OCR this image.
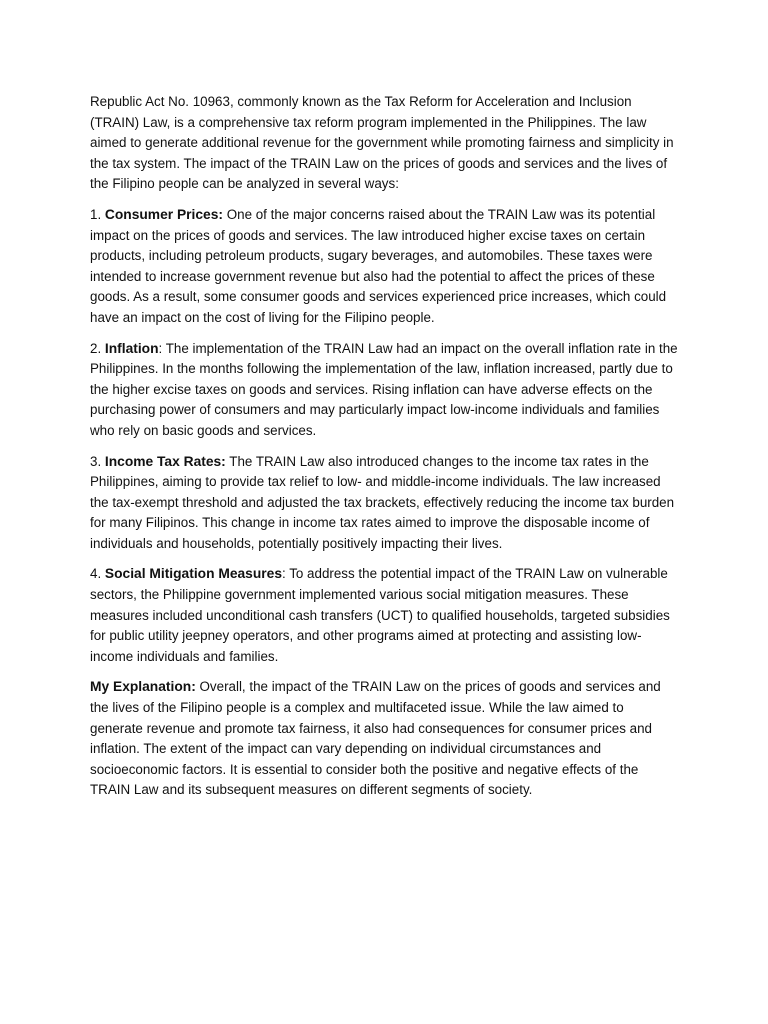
Republic Act No. 10963, commonly known as the Tax Reform for Acceleration and Inclusion (TRAIN) Law, is a comprehensive tax reform program implemented in the Philippines. The law aimed to generate additional revenue for the government while promoting fairness and simplicity in the tax system. The impact of the TRAIN Law on the prices of goods and services and the lives of the Filipino people can be analyzed in several ways:

1. Consumer Prices: One of the major concerns raised about the TRAIN Law was its potential impact on the prices of goods and services. The law introduced higher excise taxes on certain products, including petroleum products, sugary beverages, and automobiles. These taxes were intended to increase government revenue but also had the potential to affect the prices of these goods. As a result, some consumer goods and services experienced price increases, which could have an impact on the cost of living for the Filipino people.

2. Inflation: The implementation of the TRAIN Law had an impact on the overall inflation rate in the Philippines. In the months following the implementation of the law, inflation increased, partly due to the higher excise taxes on goods and services. Rising inflation can have adverse effects on the purchasing power of consumers and may particularly impact low-income individuals and families who rely on basic goods and services.

3. Income Tax Rates: The TRAIN Law also introduced changes to the income tax rates in the Philippines, aiming to provide tax relief to low- and middle-income individuals. The law increased the tax-exempt threshold and adjusted the tax brackets, effectively reducing the income tax burden for many Filipinos. This change in income tax rates aimed to improve the disposable income of individuals and households, potentially positively impacting their lives.

4. Social Mitigation Measures: To address the potential impact of the TRAIN Law on vulnerable sectors, the Philippine government implemented various social mitigation measures. These measures included unconditional cash transfers (UCT) to qualified households, targeted subsidies for public utility jeepney operators, and other programs aimed at protecting and assisting low-income individuals and families.

My Explanation: Overall, the impact of the TRAIN Law on the prices of goods and services and the lives of the Filipino people is a complex and multifaceted issue. While the law aimed to generate revenue and promote tax fairness, it also had consequences for consumer prices and inflation. The extent of the impact can vary depending on individual circumstances and socioeconomic factors. It is essential to consider both the positive and negative effects of the TRAIN Law and its subsequent measures on different segments of society.
